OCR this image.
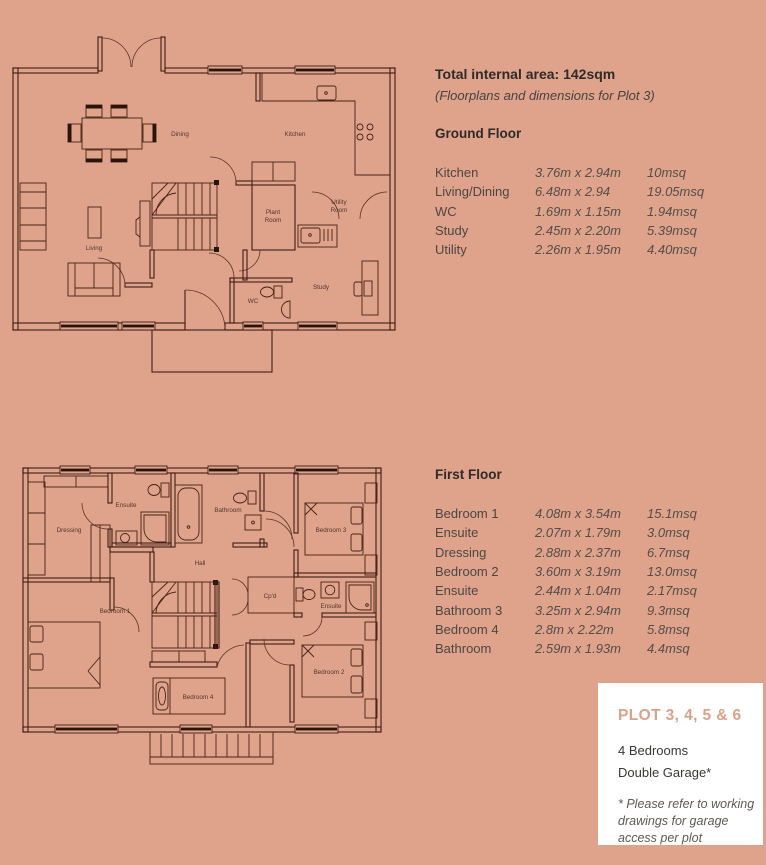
Dining	Kitchen
Living
Plant
Room
Utility
Room
WC
Study
Dressing
Ensuite
Bathroom
Bedroom 3
Hall
Bedroom 1
Cp'd
Ensuite
Bedroom 2
Bedroom 4
Total internal area: 142sqm
(Floorplans and dimensions for Plot 3)
Ground Floor
Kitchen	3.76m x 2.94m	10msq
Living/Dining	6.48m x 2.94	19.05msq
WC	1.69m x 1.15m	1.94msq
Study	2.45m x 2.20m	5.39msq
Utility	2.26m x 1.95m	4.40msq
First Floor
Bedroom 1	4.08m x 3.54m	15.1msq
Ensuite	2.07m x 1.79m	3.0msq
Dressing	2.88m x 2.37m	6.7msq
Bedroom 2	3.60m x 3.19m	13.0msq
Ensuite	2.44m x 1.04m	2.17msq
Bathroom 3	3.25m x 2.94m	9.3msq
Bedroom 4	2.8m x 2.22m	5.8msq
Bathroom	2.59m x 1.93m	4.4msq
PLOT 3, 4, 5 & 6
4 Bedrooms
Double Garage*
* Please refer to working drawings for garage access per plot
